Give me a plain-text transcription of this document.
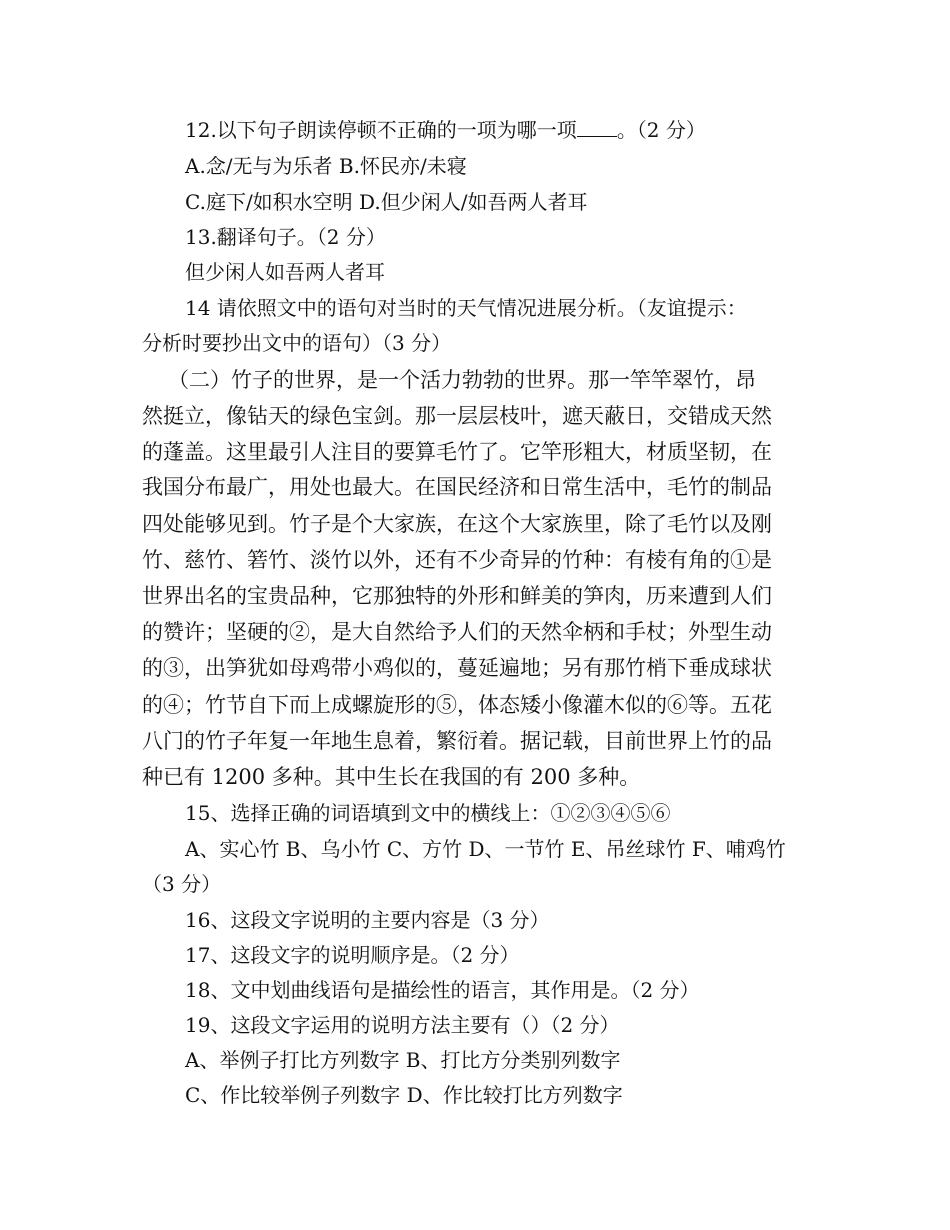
12.以下句子朗读停顿不正确的一项为哪一项 。（2 分）
A.念/无与为乐者 B.怀民亦/未寝
C.庭下/如积水空明 D.但少闲人/如吾两人者耳
13.翻译句子。（2 分）
但少闲人如吾两人者耳
14 请依照文中的语句对当时的天气情况进展分析。（友谊提示：
分析时要抄出文中的语句）（3 分）
（二）竹子的世界，是一个活力勃勃的世界。那一竿竿翠竹，昂
然挺立，像钻天的绿色宝剑。那一层层枝叶，遮天蔽日，交错成天然
的蓬盖。这里最引人注目的要算毛竹了。它竿形粗大，材质坚韧，在
我国分布最广，用处也最大。在国民经济和日常生活中，毛竹的制品
四处能够见到。竹子是个大家族，在这个大家族里，除了毛竹以及刚
竹、慈竹、箬竹、淡竹以外，还有不少奇异的竹种：有棱有角的①是
世界出名的宝贵品种，它那独特的外形和鲜美的笋肉，历来遭到人们
的赞许；坚硬的②，是大自然给予人们的天然伞柄和手杖；外型生动
的③，出笋犹如母鸡带小鸡似的，蔓延遍地；另有那竹梢下垂成球状
的④；竹节自下而上成螺旋形的⑤，体态矮小像灌木似的⑥等。五花
八门的竹子年复一年地生息着，繁衍着。据记载，目前世界上竹的品
种已有 1200 多种。其中生长在我国的有 200 多种。
15、选择正确的词语填到文中的横线上：①②③④⑤⑥
A、实心竹 B、乌小竹 C、方竹 D、一节竹 E、吊丝球竹 F、哺鸡竹
（3 分）
16、这段文字说明的主要内容是（3 分）
17、这段文字的说明顺序是。（2 分）
18、文中划曲线语句是描绘性的语言，其作用是。（2 分）
19、这段文字运用的说明方法主要有（）（2 分）
A、举例子打比方列数字 B、打比方分类别列数字
C、作比较举例子列数字 D、作比较打比方列数字
